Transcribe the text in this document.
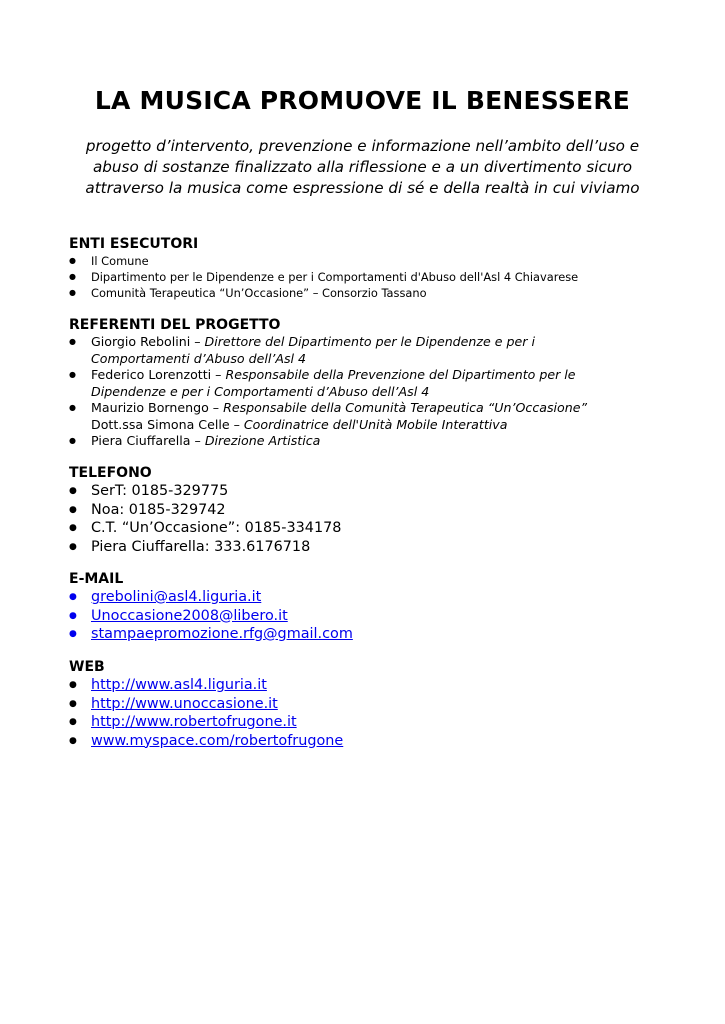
LA MUSICA PROMUOVE IL BENESSERE
progetto d’intervento, prevenzione e informazione nell’ambito dell’uso e
abuso di sostanze finalizzato alla riflessione e a un divertimento sicuro
attraverso la musica come espressione di sé e della realtà in cui viviamo
ENTI ESECUTORI
● Il Comune
● Dipartimento per le Dipendenze e per i Comportamenti d'Abuso dell'Asl 4 Chiavarese
● Comunità Terapeutica “Un’Occasione” – Consorzio Tassano
REFERENTI DEL PROGETTO
● Giorgio Rebolini – Direttore del Dipartimento per le Dipendenze e per i
Comportamenti d’Abuso dell’Asl 4
● Federico Lorenzotti – Responsabile della Prevenzione del Dipartimento per le
Dipendenze e per i Comportamenti d’Abuso dell’Asl 4
● Maurizio Bornengo – Responsabile della Comunità Terapeutica “Un’Occasione”
Dott.ssa Simona Celle – Coordinatrice dell'Unità Mobile Interattiva
● Piera Ciuffarella – Direzione Artistica
TELEFONO
● SerT: 0185-329775
● Noa: 0185-329742
● C.T. “Un’Occasione”: 0185-334178
● Piera Ciuffarella: 333.6176718
E-MAIL
● grebolini@asl4.liguria.it
● Unoccasione2008@libero.it
● stampaepromozione.rfg@gmail.com
WEB
● http://www.asl4.liguria.it
● http://www.unoccasione.it
● http://www.robertofrugone.it
● www.myspace.com/robertofrugone
